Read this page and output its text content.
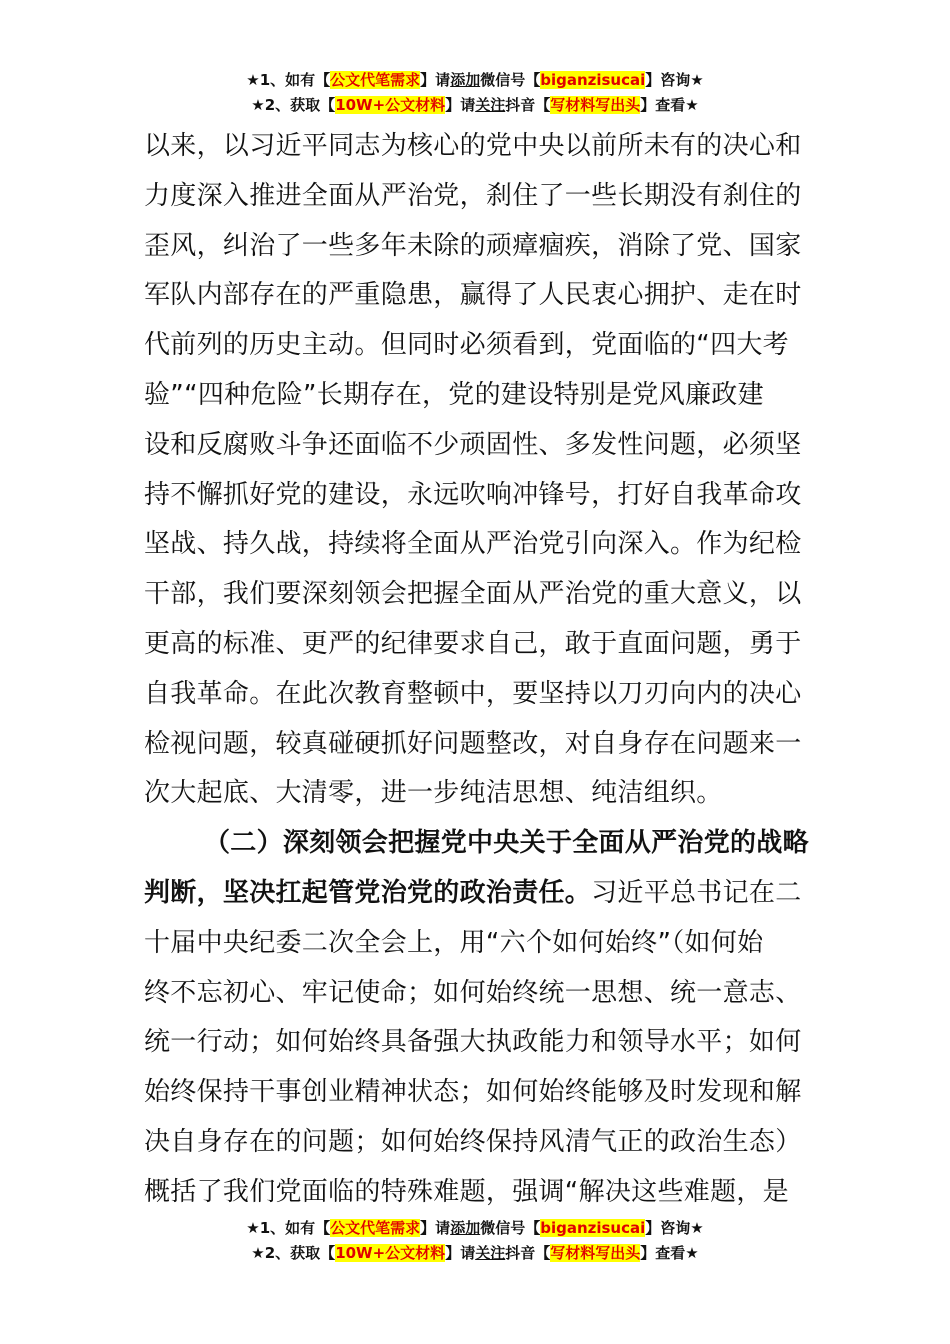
★1、如有【公文代笔需求】请添加微信号【biganzisucai】咨询★
★2、获取【10W+公文材料】请关注抖音【写材料写出头】查看★
以来，以习近平同志为核心的党中央以前所未有的决心和
力度深入推进全面从严治党，刹住了一些长期没有刹住的
歪风，纠治了一些多年未除的顽瘴痼疾，消除了党、国家
军队内部存在的严重隐患，赢得了人民衷心拥护、走在时
代前列的历史主动。但同时必须看到，党面临的“四大考
验”“四种危险”长期存在，党的建设特别是党风廉政建
设和反腐败斗争还面临不少顽固性、多发性问题，必须坚
持不懈抓好党的建设，永远吹响冲锋号，打好自我革命攻
坚战、持久战，持续将全面从严治党引向深入。作为纪检
干部，我们要深刻领会把握全面从严治党的重大意义，以
更高的标准、更严的纪律要求自己，敢于直面问题，勇于
自我革命。在此次教育整顿中，要坚持以刀刃向内的决心
检视问题，较真碰硬抓好问题整改，对自身存在问题来一
次大起底、大清零，进一步纯洁思想、纯洁组织。
（二）深刻领会把握党中央关于全面从严治党的战略
判断，坚决扛起管党治党的政治责任。习近平总书记在二
十届中央纪委二次全会上，用“六个如何始终”（如何始
终不忘初心、牢记使命；如何始终统一思想、统一意志、
统一行动；如何始终具备强大执政能力和领导水平；如何
始终保持干事创业精神状态；如何始终能够及时发现和解
决自身存在的问题；如何始终保持风清气正的政治生态）
概括了我们党面临的特殊难题，强调“解决这些难题，是
★1、如有【公文代笔需求】请添加微信号【biganzisucai】咨询★
★2、获取【10W+公文材料】请关注抖音【写材料写出头】查看★
